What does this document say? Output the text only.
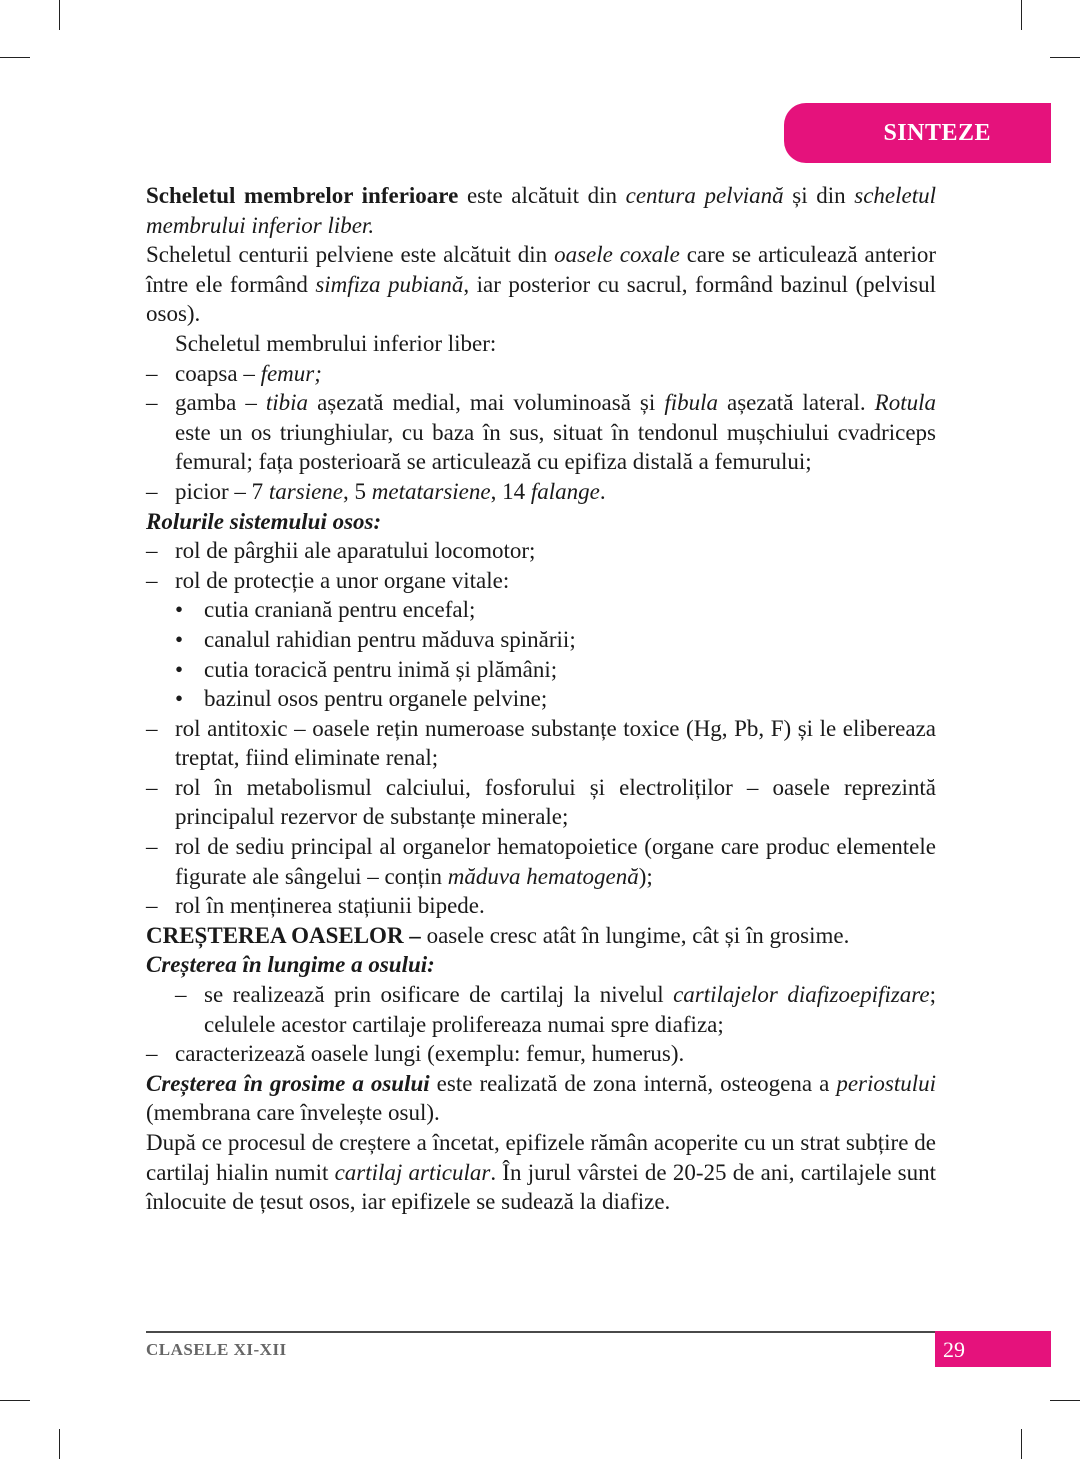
SINTEZE

Scheletul membrelor inferioare este alcătuit din centura pelviană și din scheletul membrului inferior liber.

Scheletul centurii pelviene este alcătuit din oasele coxale care se articulează anterior între ele formând simfiza pubiană, iar posterior cu sacrul, formând bazinul (pelvisul osos).

Scheletul membrului inferior liber:

– coapsa – femur;

– gamba – tibia așezată medial, mai voluminoasă și fibula așezată lateral. Rotula este un os triunghiular, cu baza în sus, situat în tendonul mușchiului cvadriceps femural; fața posterioară se articulează cu epifiza distală a femurului;

– picior – 7 tarsiene, 5 metatarsiene, 14 falange.

Rolurile sistemului osos:

– rol de pârghii ale aparatului locomotor;

– rol de protecție a unor organe vitale:

• cutia craniană pentru encefal;

• canalul rahidian pentru măduva spinării;

• cutia toracică pentru inimă și plămâni;

• bazinul osos pentru organele pelvine;

– rol antitoxic – oasele rețin numeroase substanțe toxice (Hg, Pb, F) și le elibereaza treptat, fiind eliminate renal;

– rol în metabolismul calciului, fosforului și electroliților – oasele reprezintă principalul rezervor de substanțe minerale;

– rol de sediu principal al organelor hematopoietice (organe care produc elementele figurate ale sângelui – conțin măduva hematogenă);

– rol în menținerea stațiunii bipede.

CREȘTEREA OASELOR – oasele cresc atât în lungime, cât și în grosime.

Creșterea în lungime a osului:

– se realizează prin osificare de cartilaj la nivelul cartilajelor diafizoepifizare; celulele acestor cartilaje prolifereaza numai spre diafiza;

– caracterizează oasele lungi (exemplu: femur, humerus).

Creșterea în grosime a osului este realizată de zona internă, osteogena a periostului (membrana care învelește osul).

După ce procesul de creștere a încetat, epifizele rămân acoperite cu un strat subțire de cartilaj hialin numit cartilaj articular. În jurul vârstei de 20-25 de ani, cartilajele sunt înlocuite de țesut osos, iar epifizele se sudează la diafize.

CLASELE XI-XII	29
